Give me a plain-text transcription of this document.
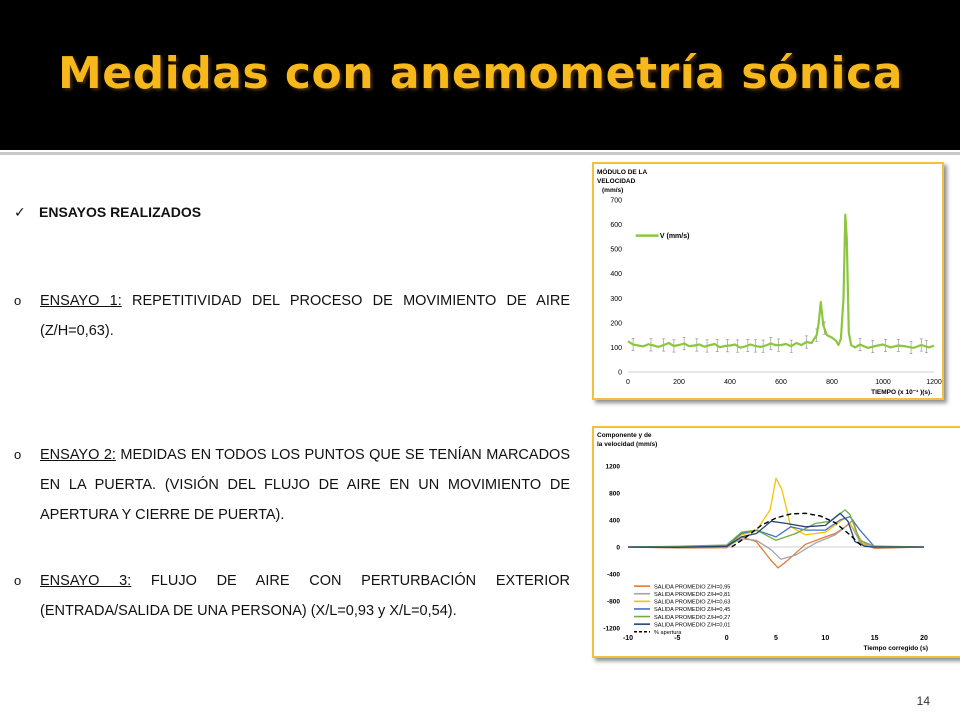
Medidas con anemometría sónica
✓ ENSAYOS REALIZADOS
o ENSAYO 1: REPETITIVIDAD DEL PROCESO DE MOVIMIENTO DE AIRE (Z/H=0,63).
o ENSAYO 2: MEDIDAS EN TODOS LOS PUNTOS QUE SE TENÍAN MARCADOS EN LA PUERTA. (VISIÓN DEL FLUJO DE AIRE EN UN MOVIMIENTO DE APERTURA Y CIERRE DE PUERTA).
o ENSAYO 3: FLUJO DE AIRE CON PERTURBACIÓN EXTERIOR (ENTRADA/SALIDA DE UNA PERSONA) (X/L=0,93 y X/L=0,54).
MÓDULO DE LA
VELOCIDAD
(mm/s)
0
100
200
300
400
500
600
700
0	200	400	600	800	1000	1200
TIEMPO (x 10⁻¹ )(s).
V (mm/s)
Componente y de
la velocidad (mm/s)
-1200
-800
-400
0
400
800
1200
-10	-5	0	5	10	15	20
Tiempo corregido (s)
SALIDA PROMEDIO Z/H=0,95
SALIDA PROMEDIO Z/H=0,81
SALIDA PROMEDIO Z/H=0,63
SALIDA PROMEDIO Z/H=0,45
SALIDA PROMEDIO Z/H=0,27
SALIDA PROMEDIO Z/H=0,01
% apertura
14
